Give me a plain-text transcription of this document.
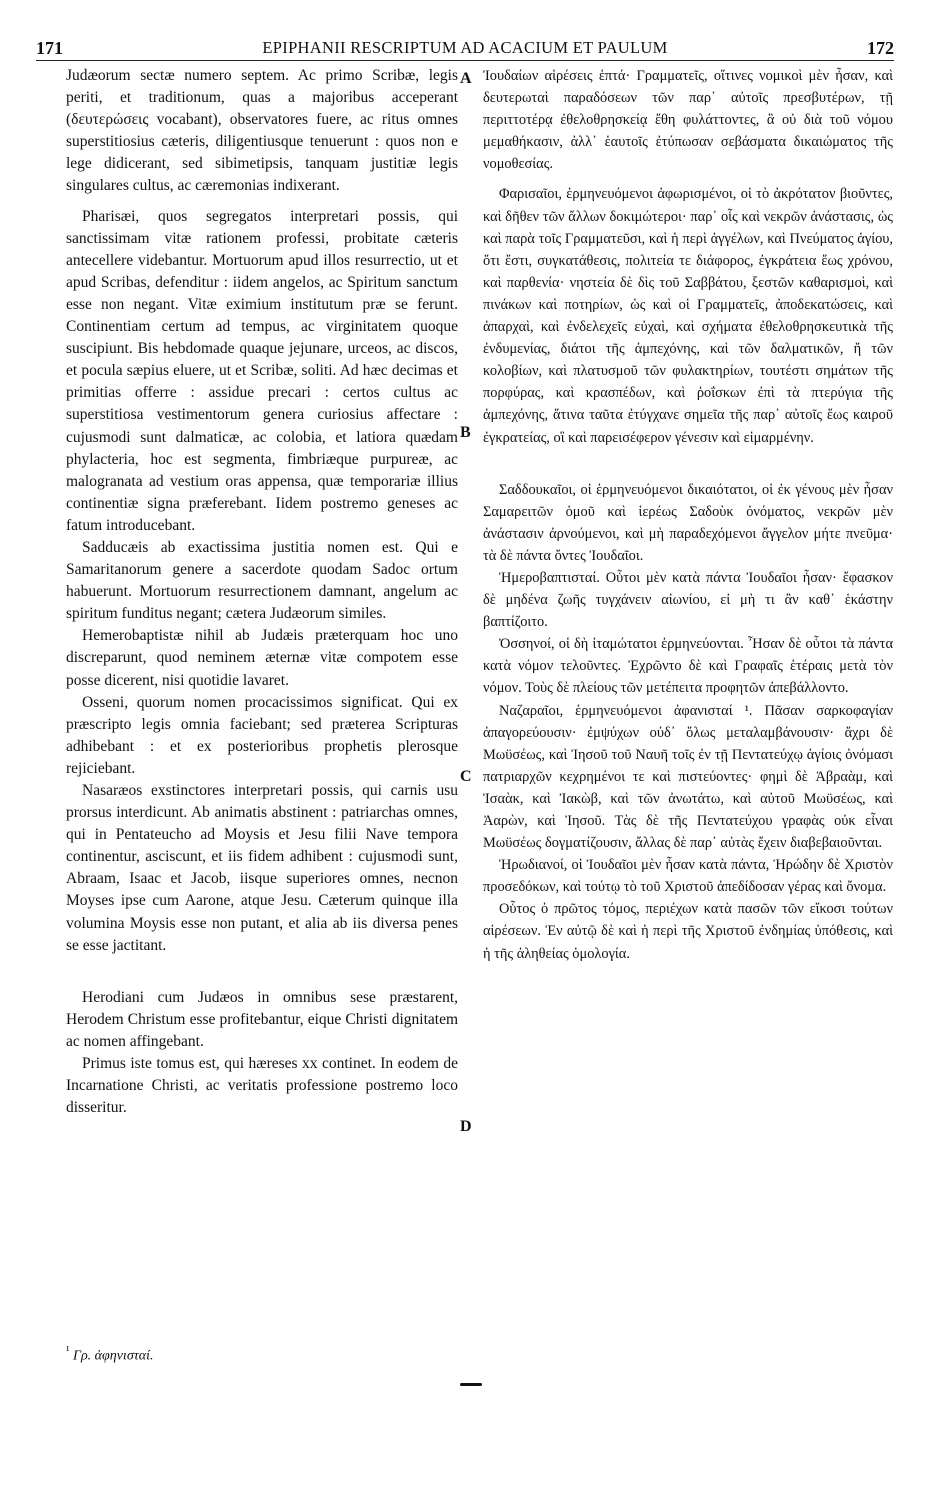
171	EPIPHANII RESCRIPTUM AD ACACIUM ET PAULUM	172

Judæorum sectæ numero septem. Ac primo Scribæ, legis periti, et traditionum, quas a majoribus acceperant (δευτερώσεις vocabant), observatores fuere, ac ritus omnes superstitiosius cæteris, diligentiusque tenuerunt : quos non e lege didicerant, sed sibimetipsis, tanquam justitiæ legis singulares cultus, ac cæremonias indixerant.

Pharisæi, quos segregatos interpretari possis, qui sanctissimam vitæ rationem professi, probitate cæteris antecellere videbantur. Mortuorum apud illos resurrectio, ut et apud Scribas, defenditur : iidem angelos, ac Spiritum sanctum esse non negant. Vitæ eximium institutum præ se ferunt. Continentiam certum ad tempus, ac virginitatem quoque suscipiunt. Bis hebdomade quaque jejunare, urceos, ac discos, et pocula sæpius eluere, ut et Scribæ, soliti. Ad hæc decimas et primitias offerre : assidue precari : certos cultus ac superstitiosa vestimentorum genera curiosius affectare : cujusmodi sunt dalmaticæ, ac colobia, et latiora quædam phylacteria, hoc est segmenta, fimbriæque purpureæ, ac malogranata ad vestium oras appensa, quæ temporariæ illius continentiæ signa præferebant. Iidem postremo geneses ac fatum introducebant.

Sadducæis ab exactissima justitia nomen est. Qui e Samaritanorum genere a sacerdote quodam Sadoc ortum habuerunt. Mortuorum resurrectionem damnant, angelum ac spiritum funditus negant; cætera Judæorum similes.

Hemerobaptistæ nihil ab Judæis præterquam hoc uno discreparunt, quod neminem æternæ vitæ compotem esse posse dicerent, nisi quotidie lavaret.

Osseni, quorum nomen procacissimos significat. Qui ex præscripto legis omnia faciebant; sed præterea Scripturas adhibebant : et ex posterioribus prophetis plerosque rejiciebant.

Nasaræos exstinctores interpretari possis, qui carnis usu prorsus interdicunt. Ab animatis abstinent : patriarchas omnes, qui in Pentateucho ad Moysis et Jesu filii Nave tempora continentur, asciscunt, et iis fidem adhibent : cujusmodi sunt, Abraam, Isaac et Jacob, iisque superiores omnes, necnon Moyses ipse cum Aarone, atque Jesu. Cæterum quinque illa volumina Moysis esse non putant, et alia ab iis diversa penes se esse jactitant.

Herodiani cum Judæos in omnibus sese præstarent, Herodem Christum esse profitebantur, eique Christi dignitatem ac nomen affingebant.

Primus iste tomus est, qui hæreses xx continet. In eodem de Incarnatione Christi, ac veritatis professione postremo loco disseritur.

Ἰουδαίων αἱρέσεις ἑπτά· Γραμματεῖς, οἵτινες νομικοὶ μὲν ἦσαν, καὶ δευτερωταὶ παραδόσεων τῶν παρ᾽ αὐτοῖς πρεσβυτέρων, τῇ περιττοτέρᾳ ἐθελοθρησκείᾳ ἔθη φυλάττοντες, ἃ οὐ διὰ τοῦ νόμου μεμαθήκασιν, ἀλλ᾽ ἑαυτοῖς ἐτύπωσαν σεβάσματα δικαιώματος τῆς νομοθεσίας.

Φαρισαῖοι, ἑρμηνευόμενοι ἀφωρισμένοι, οἱ τὸ ἀκρότατον βιοῦντες, καὶ δῆθεν τῶν ἄλλων δοκιμώτεροι· παρ᾽ οἷς καὶ νεκρῶν ἀνάστασις, ὡς καὶ παρὰ τοῖς Γραμματεῦσι, καὶ ἡ περὶ ἀγγέλων, καὶ Πνεύματος ἁγίου, ὅτι ἔστι, συγκατάθεσις, πολιτεία τε διάφορος, ἐγκράτεια ἕως χρόνου, καὶ παρθενία· νηστεία δὲ δὶς τοῦ Σαββάτου, ξεστῶν καθαρισμοὶ, καὶ πινάκων καὶ ποτηρίων, ὡς καὶ οἱ Γραμματεῖς, ἀποδεκατώσεις, καὶ ἀπαρχαὶ, καὶ ἐνδελεχεῖς εὐχαὶ, καὶ σχήματα ἐθελοθρησκευτικὰ τῆς ἐνδυμενίας, διάτοι τῆς ἀμπεχόνης, καὶ τῶν δαλματικῶν, ἤ τῶν κολοβίων, καὶ πλατυσμοῦ τῶν φυλακτηρίων, τουτέστι σημάτων τῆς πορφύρας, καὶ κρασπέδων, καὶ ῥοΐσκων ἐπὶ τὰ πτερύγια τῆς ἀμπεχόνης, ἅτινα ταῦτα ἐτύγχανε σημεῖα τῆς παρ᾽ αὐτοῖς ἕως καιροῦ ἐγκρατείας, οἳ καὶ παρεισέφερον γένεσιν καὶ εἱμαρμένην.

Σαδδουκαῖοι, οἱ ἑρμηνευόμενοι δικαιότατοι, οἱ ἐκ γένους μὲν ἦσαν Σαμαρειτῶν ὁμοῦ καὶ ἱερέως Σαδοὺκ ὀνόματος, νεκρῶν μὲν ἀνάστασιν ἀρνούμενοι, καὶ μὴ παραδεχόμενοι ἄγγελον μήτε πνεῦμα· τὰ δὲ πάντα ὄντες Ἰουδαῖοι.

Ἡμεροβαπτισταί. Οὗτοι μὲν κατὰ πάντα Ἰουδαῖοι ἦσαν· ἔφασκον δὲ μηδένα ζωῆς τυγχάνειν αἰωνίου, εἰ μὴ τι ἂν καθ᾽ ἑκάστην βαπτίζοιτο.

Ὀσσηνοί, οἱ δὴ ἰταμώτατοι ἑρμηνεύονται. Ἦσαν δὲ οὗτοι τὰ πάντα κατὰ νόμον τελοῦντες. Ἐχρῶντο δὲ καὶ Γραφαῖς ἑτέραις μετὰ τὸν νόμον. Τοὺς δὲ πλείους τῶν μετέπειτα προφητῶν ἀπεβάλλοντο.

Ναζαραῖοι, ἑρμηνευόμενοι ἀφανισταί ¹. Πᾶσαν σαρκοφαγίαν ἀπαγορεύουσιν· ἐμψύχων οὐδ᾽ ὅλως μεταλαμβάνουσιν· ἄχρι δὲ Μωϋσέως, καὶ Ἰησοῦ τοῦ Ναυῆ τοῖς ἐν τῇ Πεντατεύχῳ ἁγίοις ὀνόμασι πατριαρχῶν κεχρημένοι τε καὶ πιστεύοντες· φημὶ δὲ Ἀβραὰμ, καὶ Ἰσαὰκ, καὶ Ἰακὼβ, καὶ τῶν ἀνωτάτω, καὶ αὐτοῦ Μωϋσέως, καὶ Ἀαρὼν, καὶ Ἰησοῦ. Τὰς δὲ τῆς Πεντατεύχου γραφὰς οὐκ εἶναι Μωϋσέως δογματίζουσιν, ἄλλας δὲ παρ᾽ αὐτὰς ἔχειν διαβεβαιοῦνται.

Ἡρωδιανοί, οἱ Ἰουδαῖοι μὲν ἦσαν κατὰ πάντα, Ἡρώδην δὲ Χριστὸν προσεδόκων, καὶ τούτῳ τὸ τοῦ Χριστοῦ ἀπεδίδοσαν γέρας καὶ ὄνομα.

Οὗτος ὁ πρῶτος τόμος, περιέχων κατὰ πασῶν τῶν εἴκοσι τούτων αἱρέσεων. Ἐν αὐτῷ δὲ καὶ ἡ περὶ τῆς Χριστοῦ ἐνδημίας ὑπόθεσις, καὶ ἡ τῆς ἀληθείας ὁμολογία.

A
B
C
D
$^{^1}$ Γρ. ἀφηνισταί.
